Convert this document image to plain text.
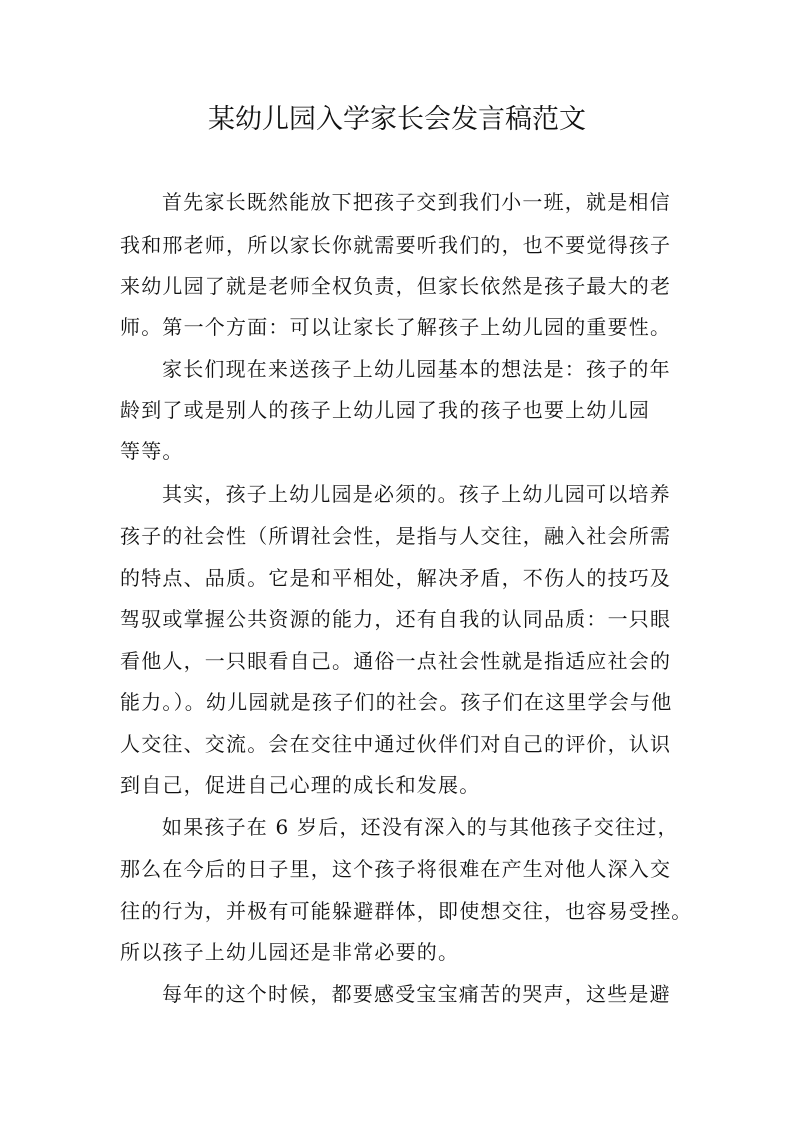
某幼儿园入学家长会发言稿范文
首先家长既然能放下把孩子交到我们小一班，就是相信
我和邢老师，所以家长你就需要听我们的，也不要觉得孩子
来幼儿园了就是老师全权负责，但家长依然是孩子最大的老
师。第一个方面：可以让家长了解孩子上幼儿园的重要性。
家长们现在来送孩子上幼儿园基本的想法是：孩子的年
龄到了或是别人的孩子上幼儿园了我的孩子也要上幼儿园
等等。
其实，孩子上幼儿园是必须的。孩子上幼儿园可以培养
孩子的社会性（所谓社会性，是指与人交往，融入社会所需
的特点、品质。它是和平相处，解决矛盾，不伤人的技巧及
驾驭或掌握公共资源的能力，还有自我的认同品质：一只眼
看他人，一只眼看自己。通俗一点社会性就是指适应社会的
能力。）。幼儿园就是孩子们的社会。孩子们在这里学会与他
人交往、交流。会在交往中通过伙伴们对自己的评价，认识
到自己，促进自己心理的成长和发展。
如果孩子在 6 岁后，还没有深入的与其他孩子交往过，
那么在今后的日子里，这个孩子将很难在产生对他人深入交
往的行为，并极有可能躲避群体，即使想交往，也容易受挫。
所以孩子上幼儿园还是非常必要的。
每年的这个时候，都要感受宝宝痛苦的哭声，这些是避
